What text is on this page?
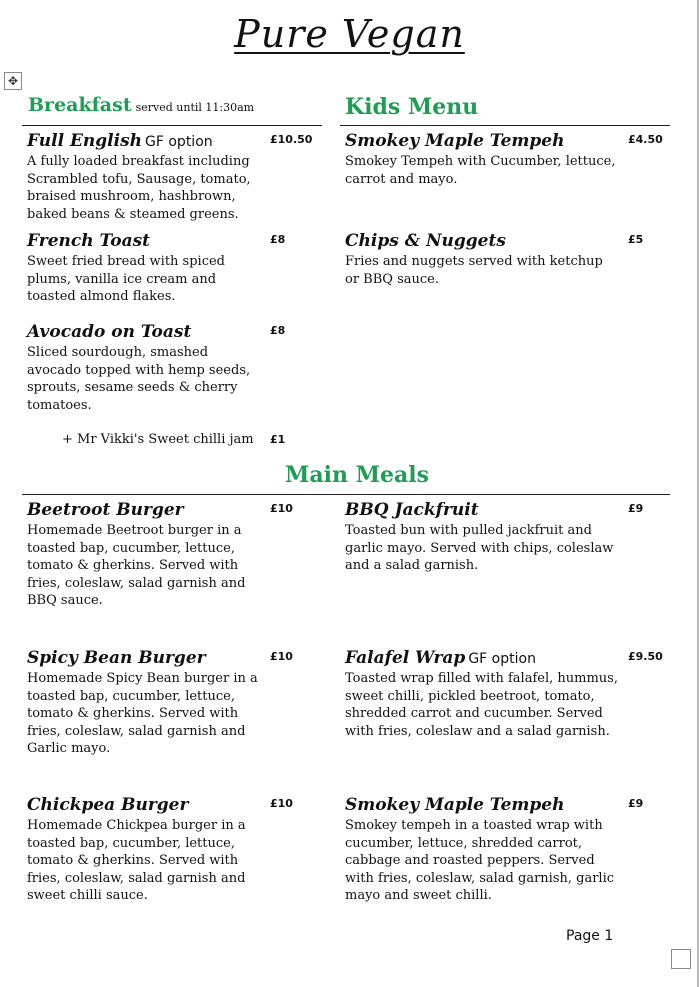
Pure Vegan
✥
Breakfast served until 11:30am	Kids Menu
Full English GF option
A fully loaded breakfast including Scrambled tofu, Sausage, tomato, braised mushroom, hashbrown, baked beans & steamed greens.
£10.50
French Toast
Sweet fried bread with spiced plums, vanilla ice cream and toasted almond flakes.
£8
Avocado on Toast
Sliced sourdough, smashed avocado topped with hemp seeds, sprouts, sesame seeds & cherry tomatoes.
£8
+ Mr Vikki's Sweet chilli jam £1
Smokey Maple Tempeh
Smokey Tempeh with Cucumber, lettuce, carrot and mayo.
£4.50
Chips & Nuggets
Fries and nuggets served with ketchup or BBQ sauce.
£5
Main Meals
Beetroot Burger
Homemade Beetroot burger in a toasted bap, cucumber, lettuce, tomato & gherkins. Served with fries, coleslaw, salad garnish and BBQ sauce.
£10
Spicy Bean Burger
Homemade Spicy Bean burger in a toasted bap, cucumber, lettuce, tomato & gherkins. Served with fries, coleslaw, salad garnish and Garlic mayo.
£10
Chickpea Burger
Homemade Chickpea burger in a toasted bap, cucumber, lettuce, tomato & gherkins. Served with fries, coleslaw, salad garnish and sweet chilli sauce.
£10
BBQ Jackfruit
Toasted bun with pulled jackfruit and garlic mayo. Served with chips, coleslaw and a salad garnish.
£9
Falafel Wrap GF option
Toasted wrap filled with falafel, hummus, sweet chilli, pickled beetroot, tomato, shredded carrot and cucumber. Served with fries, coleslaw and a salad garnish.
£9.50
Smokey Maple Tempeh
Smokey tempeh in a toasted wrap with cucumber, lettuce, shredded carrot, cabbage and roasted peppers. Served with fries, coleslaw, salad garnish, garlic mayo and sweet chilli.
£9
Page 1
